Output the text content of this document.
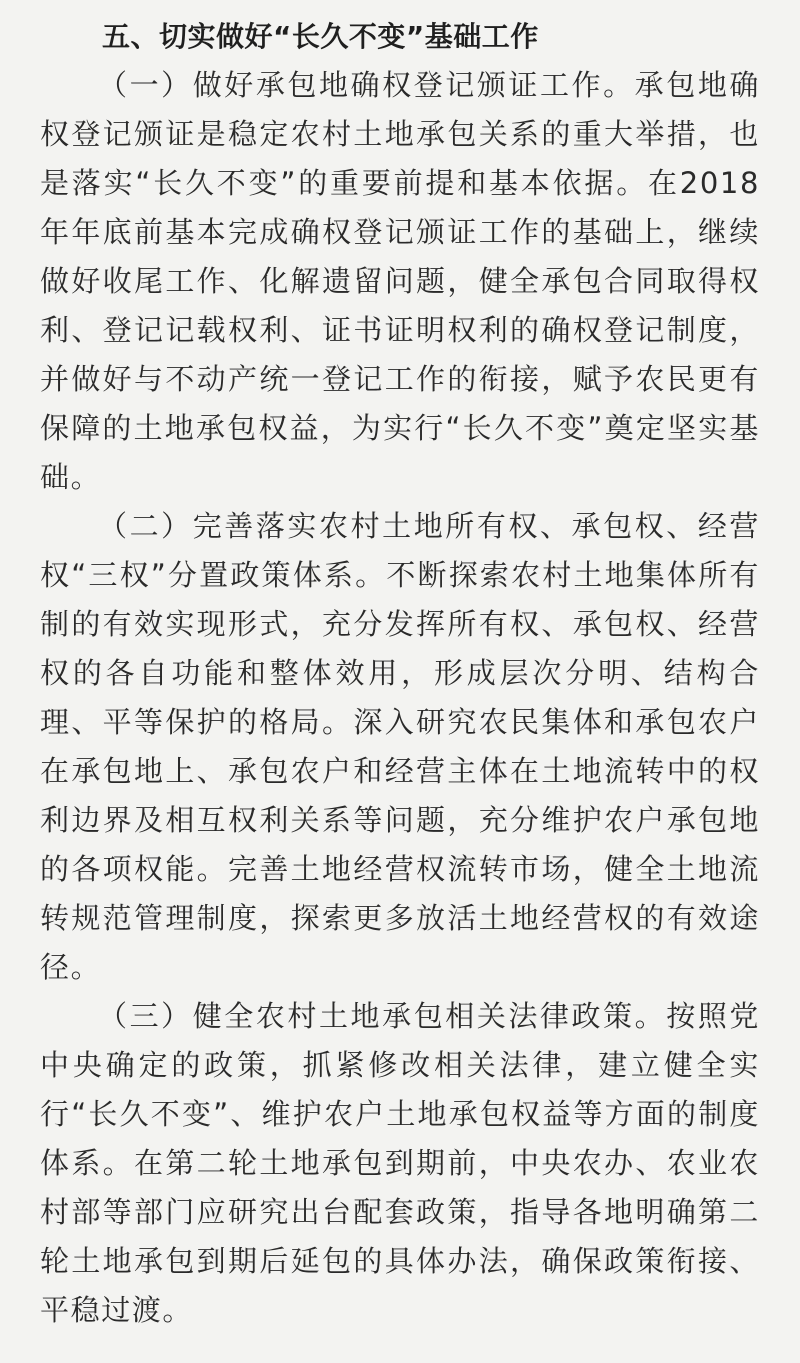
五、切实做好“长久不变”基础工作

（一）做好承包地确权登记颁证工作。承包地确权登记颁证是稳定农村土地承包关系的重大举措，也是落实“长久不变”的重要前提和基本依据。在2018年年底前基本完成确权登记颁证工作的基础上，继续做好收尾工作、化解遗留问题，健全承包合同取得权利、登记记载权利、证书证明权利的确权登记制度，并做好与不动产统一登记工作的衔接，赋予农民更有保障的土地承包权益，为实行“长久不变”奠定坚实基础。

（二）完善落实农村土地所有权、承包权、经营权“三权”分置政策体系。不断探索农村土地集体所有制的有效实现形式，充分发挥所有权、承包权、经营权的各自功能和整体效用，形成层次分明、结构合理、平等保护的格局。深入研究农民集体和承包农户在承包地上、承包农户和经营主体在土地流转中的权利边界及相互权利关系等问题，充分维护农户承包地的各项权能。完善土地经营权流转市场，健全土地流转规范管理制度，探索更多放活土地经营权的有效途径。

（三）健全农村土地承包相关法律政策。按照党中央确定的政策，抓紧修改相关法律，建立健全实行“长久不变”、维护农户土地承包权益等方面的制度体系。在第二轮土地承包到期前，中央农办、农业农村部等部门应研究出台配套政策，指导各地明确第二轮土地承包到期后延包的具体办法，确保政策衔接、平稳过渡。
